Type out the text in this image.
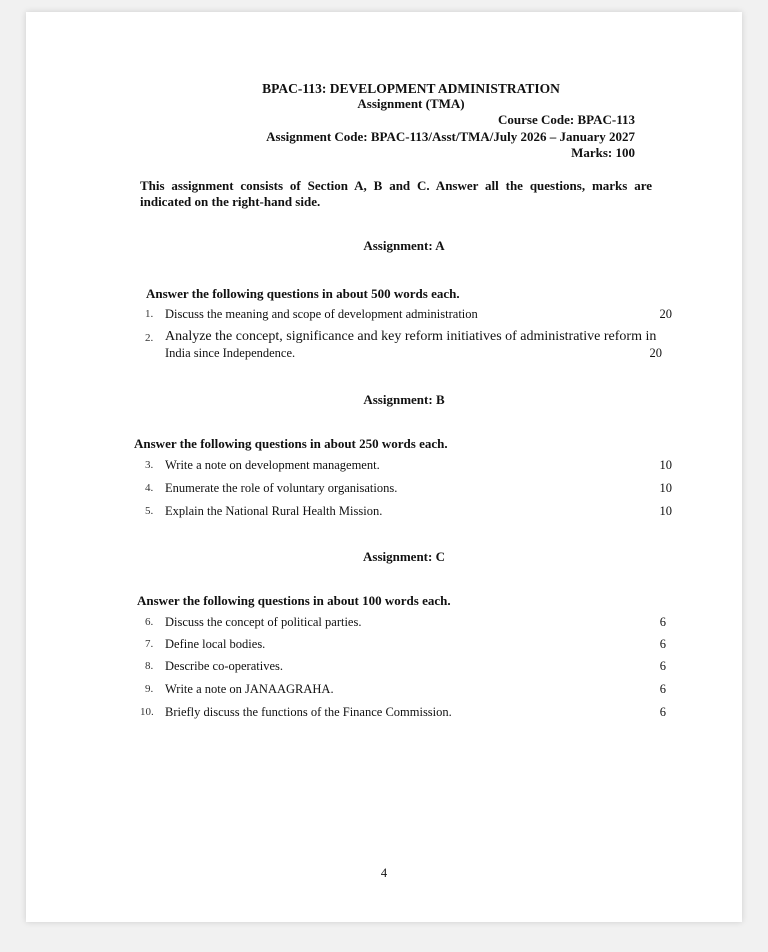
BPAC-113: DEVELOPMENT ADMINISTRATION
Assignment (TMA)
Course Code: BPAC-113
Assignment Code: BPAC-113/Asst/TMA/July 2026 – January 2027
Marks: 100
This assignment consists of Section A, B and C. Answer all the questions, marks are indicated on the right-hand side.
Assignment: A
Answer the following questions in about 500 words each.
1. Discuss the meaning and scope of development administration	20
2. Analyze the concept, significance and key reform initiatives of administrative reform in
India since Independence.	20
Assignment: B
Answer the following questions in about 250 words each.
3. Write a note on development management.	10
4. Enumerate the role of voluntary organisations.	10
5. Explain the National Rural Health Mission.	10
Assignment: C
Answer the following questions in about 100 words each.
6. Discuss the concept of political parties.	6
7. Define local bodies.	6
8. Describe co-operatives.	6
9. Write a note on JANAAGRAHA.	6
10. Briefly discuss the functions of the Finance Commission.	6
4
